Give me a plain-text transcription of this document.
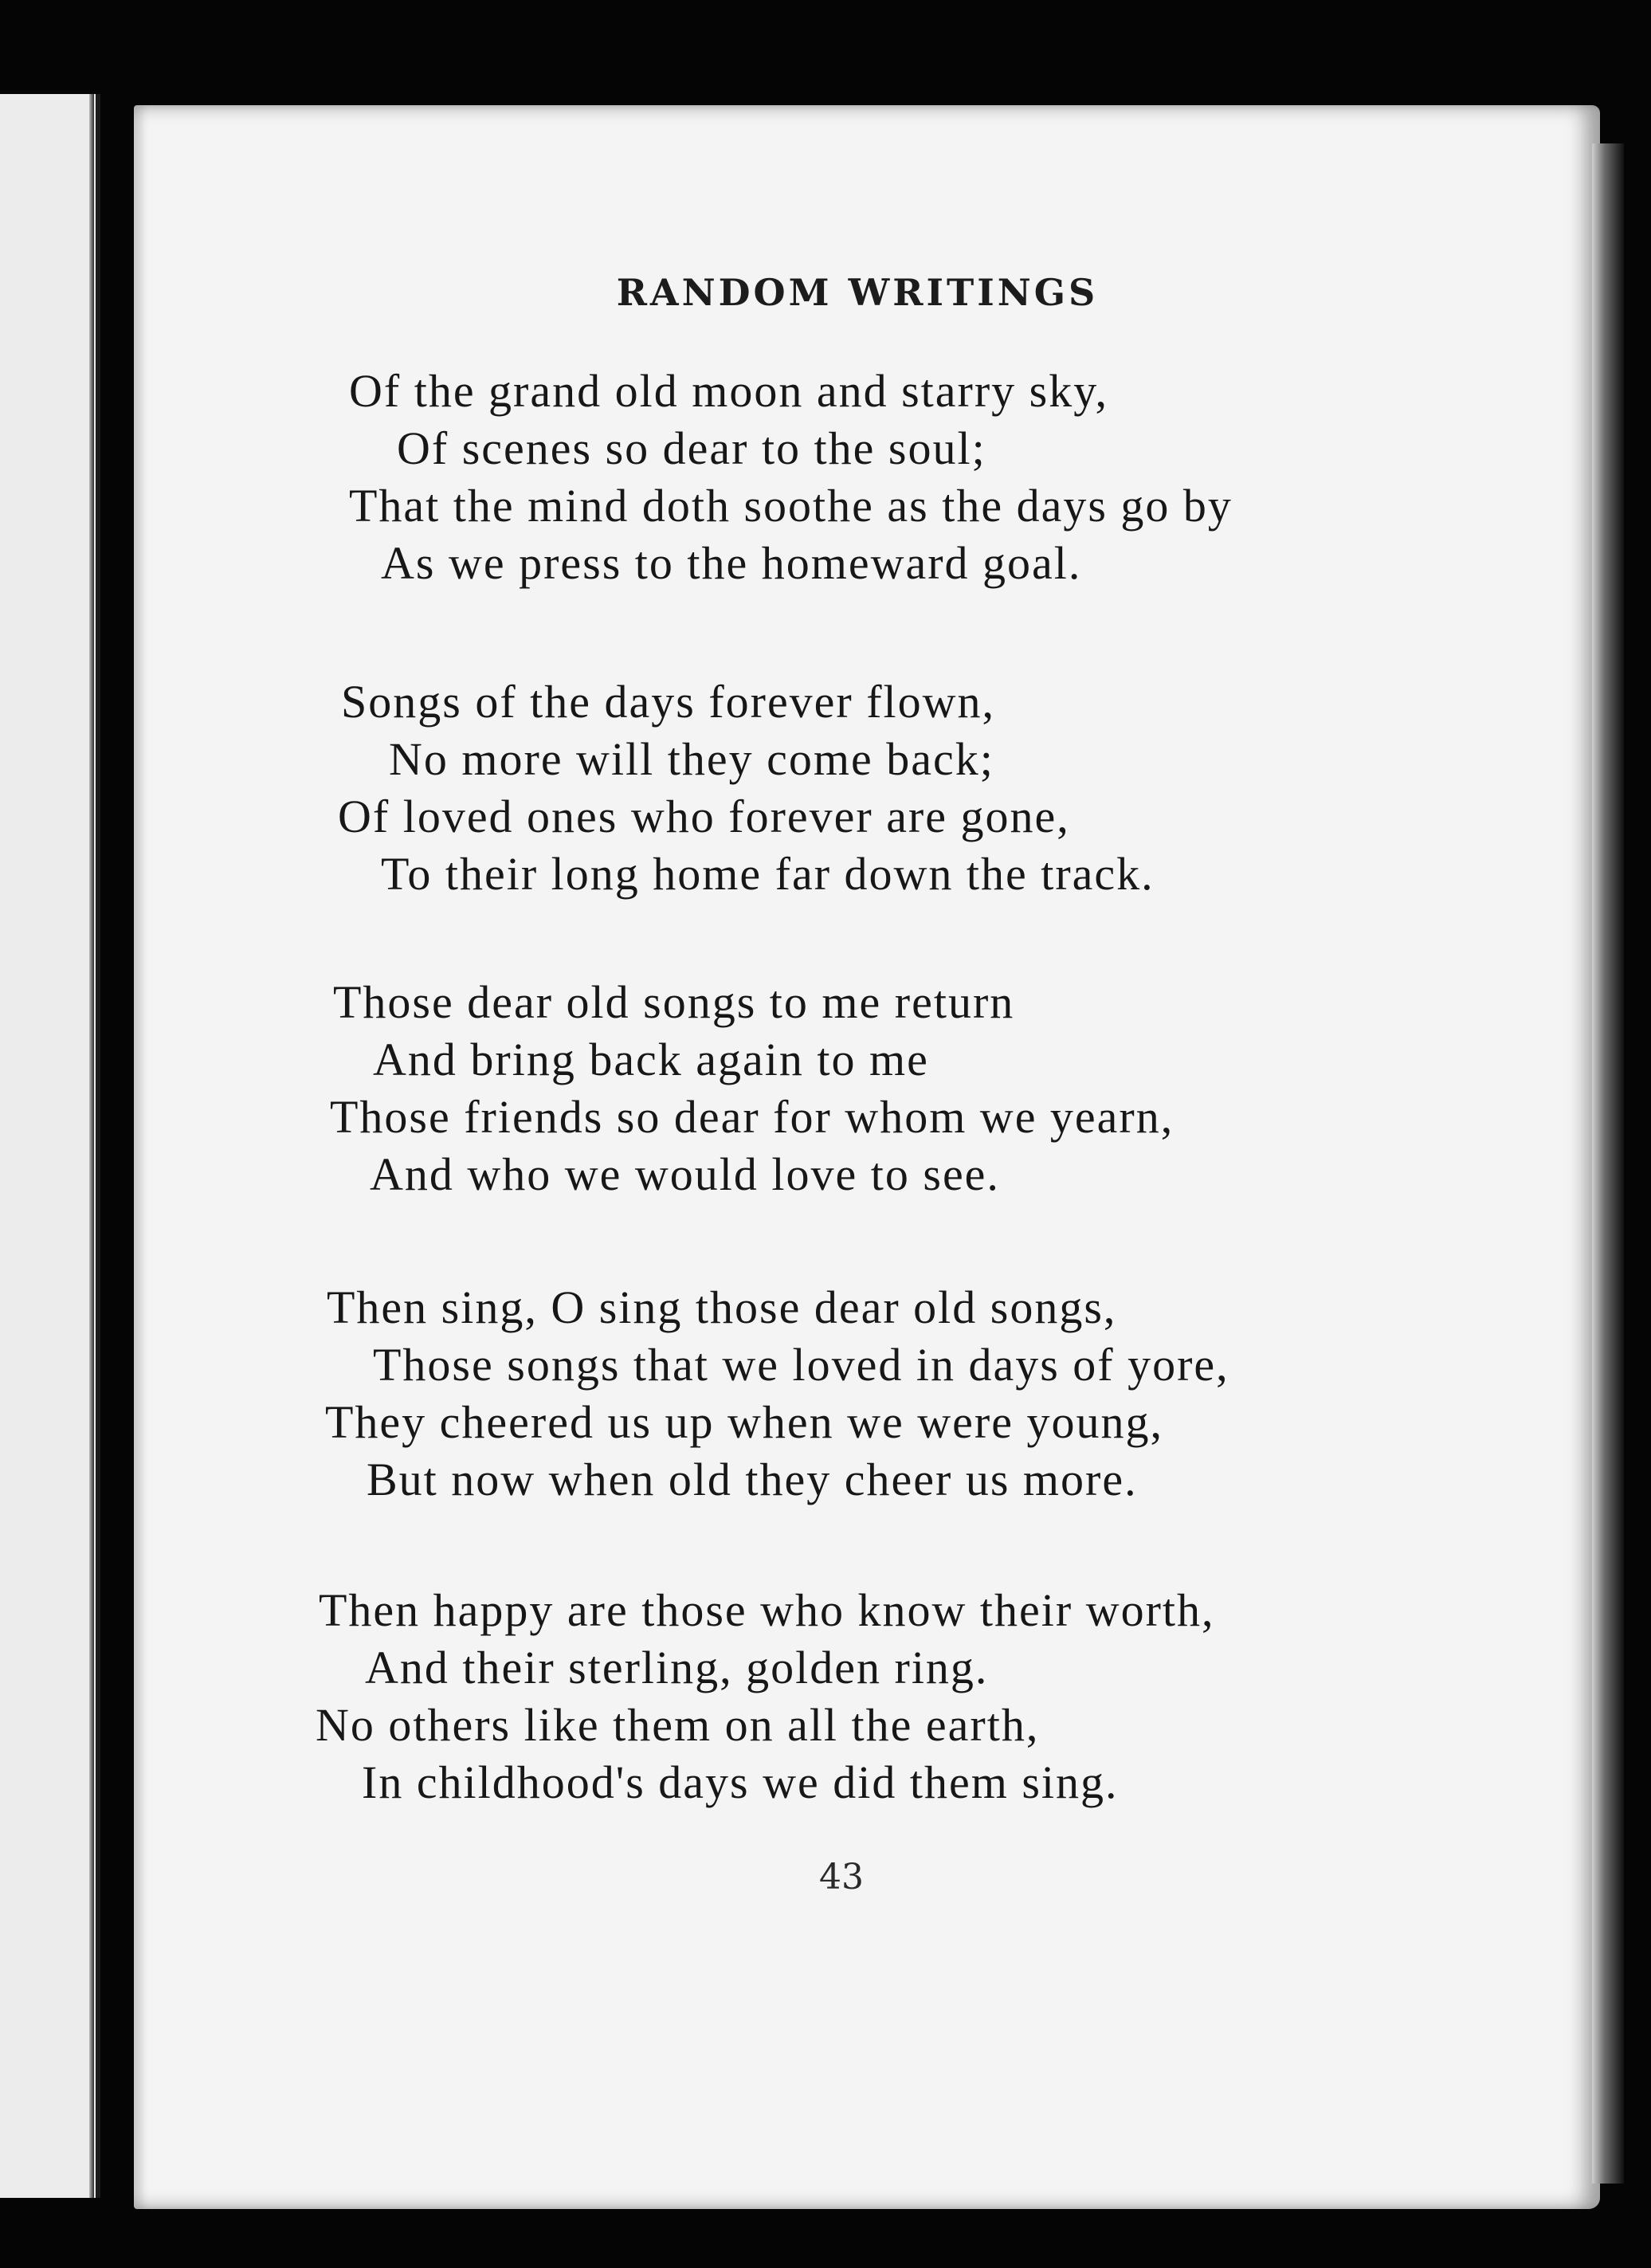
RANDOM WRITINGS
Of the grand old moon and starry sky,
Of scenes so dear to the soul;
That the mind doth soothe as the days go by
As we press to the homeward goal.
Songs of the days forever flown,
No more will they come back;
Of loved ones who forever are gone,
To their long home far down the track.
Those dear old songs to me return
And bring back again to me
Those friends so dear for whom we yearn,
And who we would love to see.
Then sing, O sing those dear old songs,
Those songs that we loved in days of yore,
They cheered us up when we were young,
But now when old they cheer us more.
Then happy are those who know their worth,
And their sterling, golden ring.
No others like them on all the earth,
In childhood's days we did them sing.
43
